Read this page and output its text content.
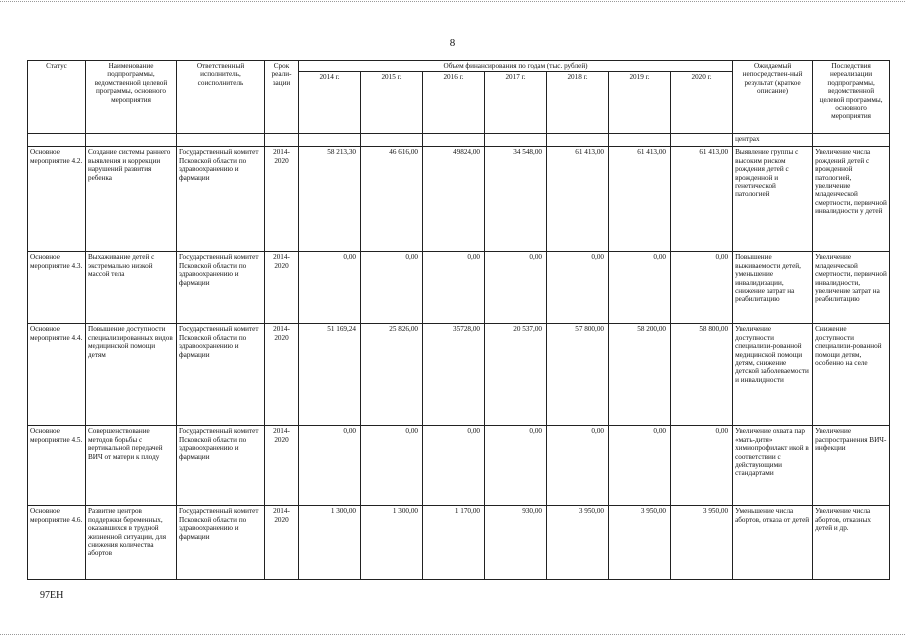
8
Статус	Наименование подпрограммы, ведомственной целевой программы, основного мероприятия	Ответственный исполнитель, соисполнитель	Срок реали-зации	Объем финансирования по годам (тыс. рублей)							Ожидаемый непосредствен-ный результат (краткое описание)	Последствия нереализации подпрограммы, ведомственной целевой программы, основного мероприятия
				2014 г.	2015 г.	2016 г.	2017 г.	2018 г.	2019 г.	2020 г.		
											центрах	
Основное мероприятие 4.2.	Создание системы раннего выявления и коррекции нарушений развития ребенка	Государственный комитет Псковской области по здравоохранению и фармации	2014-2020	58 213,30	46 616,00	49824,00	34 548,00	61 413,00	61 413,00	61 413,00	Выявление группы с высоким риском рождения детей с врожденной и генетической патологией	Увеличение числа рождений детей с врожденной патологией, увеличение младенческой смертности, первичной инвалидности у детей
Основное мероприятие 4.3.	Выхаживание детей с экстремально низкой массой тела	Государственный комитет Псковской области по здравоохранению и фармации	2014-2020	0,00	0,00	0,00	0,00	0,00	0,00	0,00	Повышение выживаемости детей, уменьшение инвалидизации, снижение затрат на реабилитацию	Увеличение младенческой смертности, первичной инвалидности, увеличение затрат на реабилитацию
Основное мероприятие 4.4.	Повышение доступности специализированных видов медицинской помощи детям	Государственный комитет Псковской области по здравоохранению и фармации	2014-2020	51 169,24	25 826,00	35728,00	20 537,00	57 800,00	58 200,00	58 800,00	Увеличение доступности специализи-рованной медицинской помощи детям, снижение детской заболеваемости и инвалидности	Снижение доступности специализи-рованной помощи детям, особенно на селе
Основное мероприятие 4.5.	Совершенствование методов борьбы с вертикальной передачей ВИЧ от матери к плоду	Государственный комитет Псковской области по здравоохранению и фармации	2014-2020	0,00	0,00	0,00	0,00	0,00	0,00	0,00	Увеличение охвата пар «мать-дитя» химиопрофилакт икой в соответствии с действующими стандартами	Увеличение распространения ВИЧ-инфекции
Основное мероприятие 4.6.	Развитие центров поддержки беременных, оказавшихся в трудной жизненной ситуации, для снижения количества абортов	Государственный комитет Псковской области по здравоохранению и фармации	2014-2020	1 300,00	1 300,00	1 170,00	930,00	3 950,00	3 950,00	3 950,00	Уменьшение числа абортов, отказа от детей	Увеличение числа абортов, отказных детей и др.
97EH
